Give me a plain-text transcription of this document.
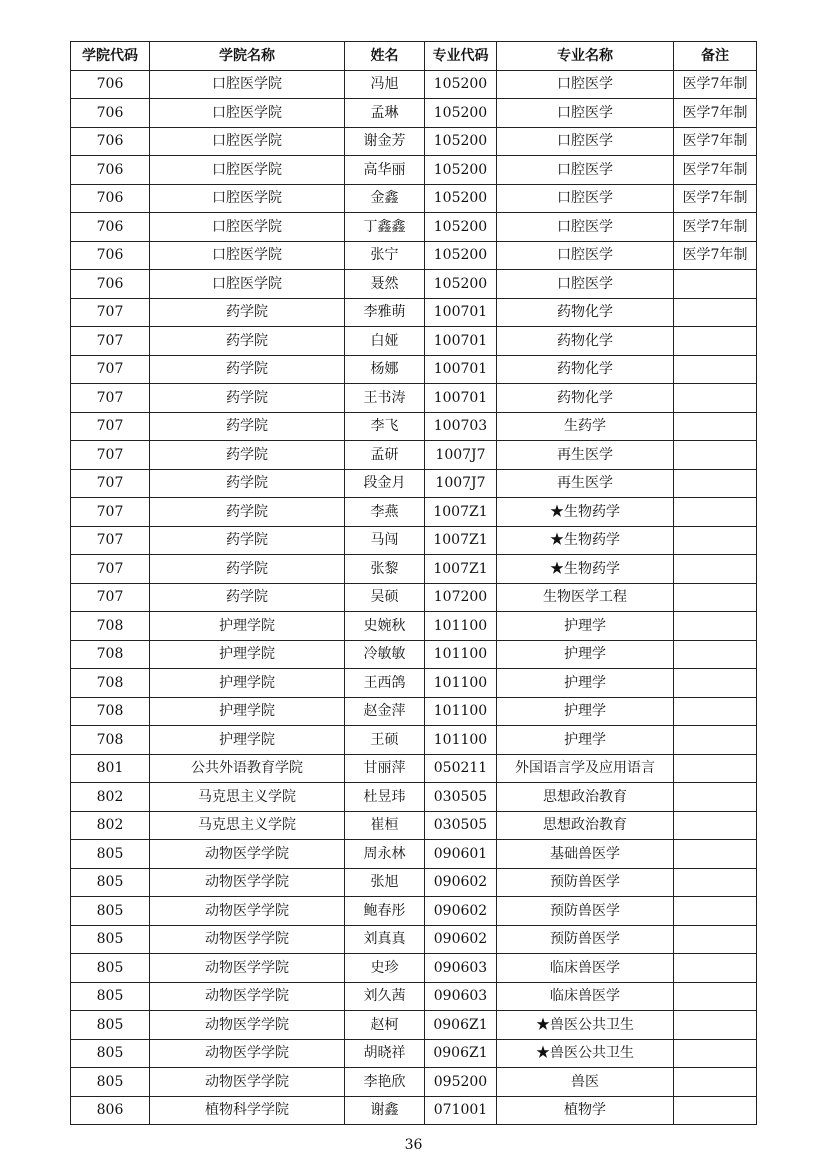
学院代码	学院名称	姓名	专业代码	专业名称	备注
706	口腔医学院	冯旭	105200	口腔医学	医学7年制
706	口腔医学院	孟琳	105200	口腔医学	医学7年制
706	口腔医学院	谢金芳	105200	口腔医学	医学7年制
706	口腔医学院	高华丽	105200	口腔医学	医学7年制
706	口腔医学院	金鑫	105200	口腔医学	医学7年制
706	口腔医学院	丁鑫鑫	105200	口腔医学	医学7年制
706	口腔医学院	张宁	105200	口腔医学	医学7年制
706	口腔医学院	聂然	105200	口腔医学	
707	药学院	李雅萌	100701	药物化学	
707	药学院	白娅	100701	药物化学	
707	药学院	杨娜	100701	药物化学	
707	药学院	王书涛	100701	药物化学	
707	药学院	李飞	100703	生药学	
707	药学院	孟研	1007J7	再生医学	
707	药学院	段金月	1007J7	再生医学	
707	药学院	李燕	1007Z1	★生物药学	
707	药学院	马闯	1007Z1	★生物药学	
707	药学院	张黎	1007Z1	★生物药学	
707	药学院	吴硕	107200	生物医学工程	
708	护理学院	史婉秋	101100	护理学	
708	护理学院	冷敏敏	101100	护理学	
708	护理学院	王西鸽	101100	护理学	
708	护理学院	赵金萍	101100	护理学	
708	护理学院	王硕	101100	护理学	
801	公共外语教育学院	甘丽萍	050211	外国语言学及应用语言	
802	马克思主义学院	杜昱玮	030505	思想政治教育	
802	马克思主义学院	崔桓	030505	思想政治教育	
805	动物医学学院	周永林	090601	基础兽医学	
805	动物医学学院	张旭	090602	预防兽医学	
805	动物医学学院	鲍春彤	090602	预防兽医学	
805	动物医学学院	刘真真	090602	预防兽医学	
805	动物医学学院	史珍	090603	临床兽医学	
805	动物医学学院	刘久茜	090603	临床兽医学	
805	动物医学学院	赵柯	0906Z1	★兽医公共卫生	
805	动物医学学院	胡晓祥	0906Z1	★兽医公共卫生	
805	动物医学学院	李艳欣	095200	兽医	
806	植物科学学院	谢鑫	071001	植物学	
36
